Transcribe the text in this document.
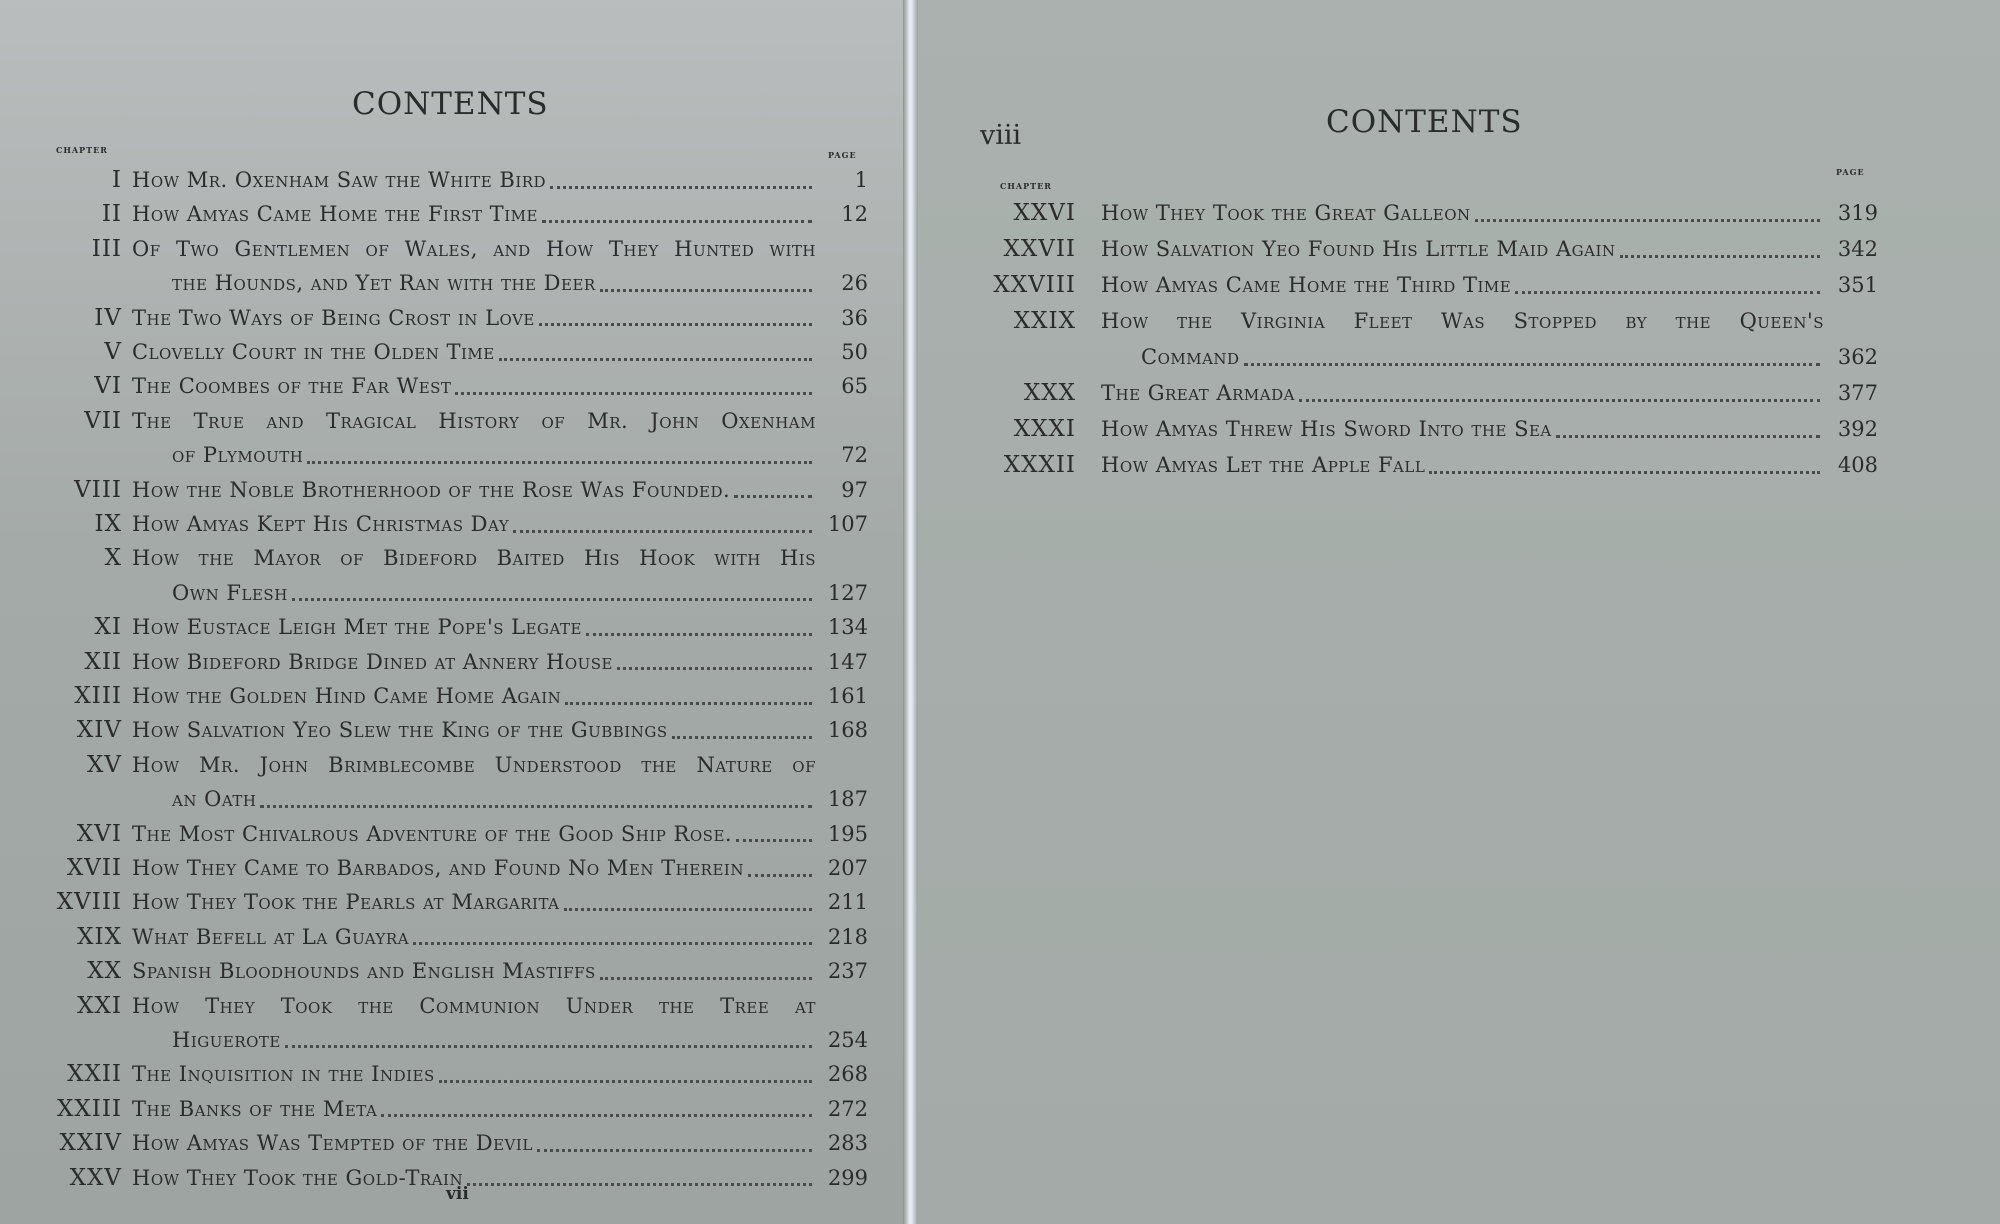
CONTENTS
chapter	page
I How Mr. Oxenham Saw the White Bird	1
II How Amyas Came Home the First Time	12
III Of Two Gentlemen of Wales, and How They Hunted with
the Hounds, and Yet Ran with the Deer	26
IV The Two Ways of Being Crost in Love	36
V Clovelly Court in the Olden Time	50
VI The Coombes of the Far West	65
VII The True and Tragical History of Mr. John Oxenham
of Plymouth	72
VIII How the Noble Brotherhood of the Rose Was Founded.	97
IX How Amyas Kept His Christmas Day	107
X How the Mayor of Bideford Baited His Hook with His
Own Flesh	127
XI How Eustace Leigh Met the Pope's Legate	134
XII How Bideford Bridge Dined at Annery House	147
XIII How the Golden Hind Came Home Again	161
XIV How Salvation Yeo Slew the King of the Gubbings	168
XV How Mr. John Brimblecombe Understood the Nature of
an Oath	187
XVI The Most Chivalrous Adventure of the Good Ship Rose.	195
XVII How They Came to Barbados, and Found No Men Therein	207
XVIII How They Took the Pearls at Margarita	211
XIX What Befell at La Guayra	218
XX Spanish Bloodhounds and English Mastiffs	237
XXI How They Took the Communion Under the Tree at
Higuerote	254
XXII The Inquisition in the Indies	268
XXIII The Banks of the Meta	272
XXIV How Amyas Was Tempted of the Devil	283
XXV How They Took the Gold-Train	299
vii
viii	CONTENTS
chapter
page
XXVI How They Took the Great Galleon	319
XXVII How Salvation Yeo Found His Little Maid Again	342
XXVIII How Amyas Came Home the Third Time	351
XXIX How the Virginia Fleet Was Stopped by the Queen's
Command	362
XXX The Great Armada	377
XXXI How Amyas Threw His Sword Into the Sea	392
XXXII How Amyas Let the Apple Fall	408
